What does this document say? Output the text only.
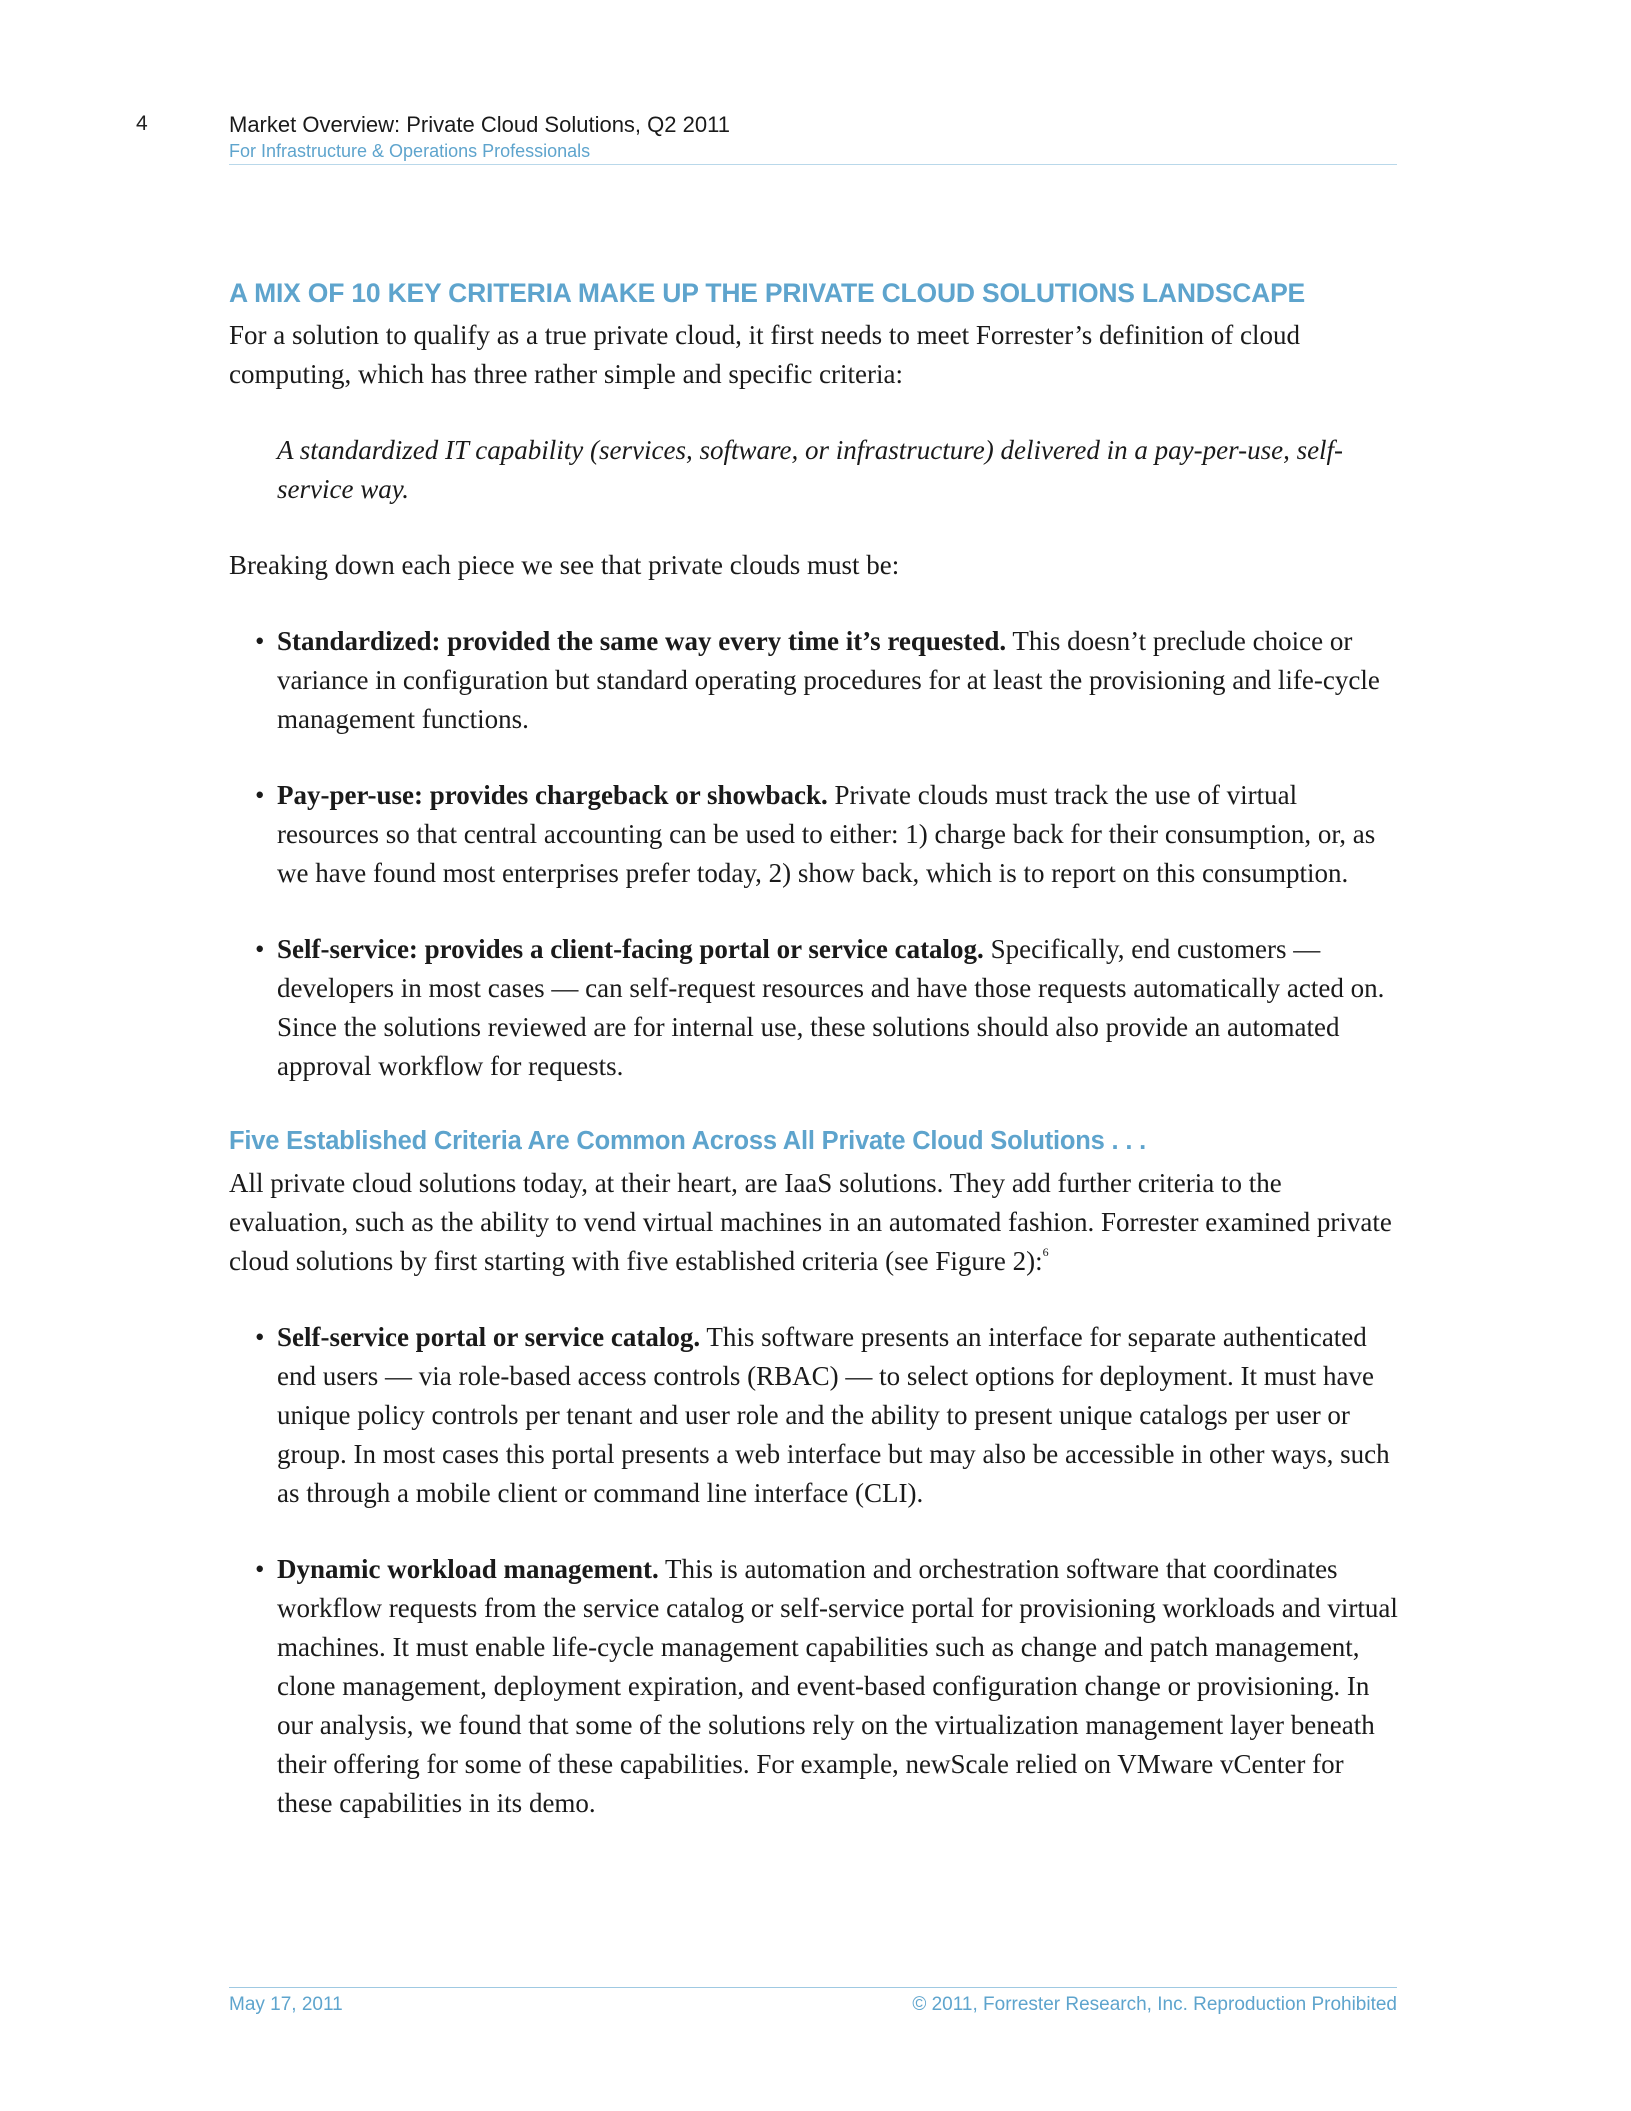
4	Market Overview: Private Cloud Solutions, Q2 2011
For Infrastructure & Operations Professionals
A MIX OF 10 KEY CRITERIA MAKE UP THE PRIVATE CLOUD SOLUTIONS LANDSCAPE

For a solution to qualify as a true private cloud, it first needs to meet Forrester’s definition of cloud computing, which has three rather simple and specific criteria:

A standardized IT capability (services, software, or infrastructure) delivered in a pay-per-use, self-service way.

Breaking down each piece we see that private clouds must be:

• Standardized: provided the same way every time it’s requested. This doesn’t preclude choice or variance in configuration but standard operating procedures for at least the provisioning and life-cycle management functions.
• Pay-per-use: provides chargeback or showback. Private clouds must track the use of virtual resources so that central accounting can be used to either: 1) charge back for their consumption, or, as we have found most enterprises prefer today, 2) show back, which is to report on this consumption.
• Self-service: provides a client-facing portal or service catalog. Specifically, end customers — developers in most cases — can self-request resources and have those requests automatically acted on. Since the solutions reviewed are for internal use, these solutions should also provide an automated approval workflow for requests.
Five Established Criteria Are Common Across All Private Cloud Solutions . . .

All private cloud solutions today, at their heart, are IaaS solutions. They add further criteria to the evaluation, such as the ability to vend virtual machines in an automated fashion. Forrester examined private cloud solutions by first starting with five established criteria (see Figure 2):$^6$

• Self-service portal or service catalog. This software presents an interface for separate authenticated end users — via role-based access controls (RBAC) — to select options for deployment. It must have unique policy controls per tenant and user role and the ability to present unique catalogs per user or group. In most cases this portal presents a web interface but may also be accessible in other ways, such as through a mobile client or command line interface (CLI).
• Dynamic workload management. This is automation and orchestration software that coordinates workflow requests from the service catalog or self-service portal for provisioning workloads and virtual machines. It must enable life-cycle management capabilities such as change and patch management, clone management, deployment expiration, and event-based configuration change or provisioning. In our analysis, we found that some of the solutions rely on the virtualization management layer beneath their offering for some of these capabilities. For example, newScale relied on VMware vCenter for these capabilities in its demo.
May 17, 2011	© 2011, Forrester Research, Inc. Reproduction Prohibited
